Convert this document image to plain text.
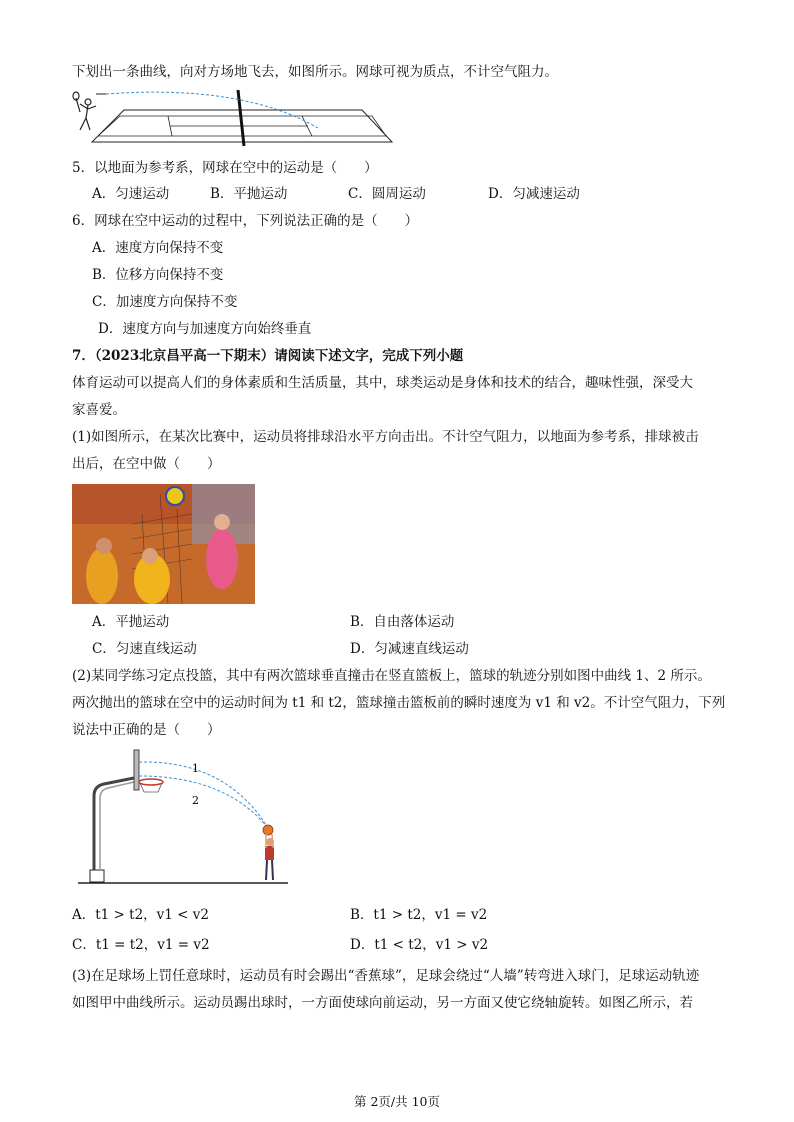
下划出一条曲线，向对方场地飞去，如图所示。网球可视为质点，不计空气阻力。
5．以地面为参考系，网球在空中的运动是（　　）
A．匀速运动	B．平抛运动	C．圆周运动	D．匀减速运动
6．网球在空中运动的过程中，下列说法正确的是（　　）
A．速度方向保持不变
B．位移方向保持不变
C．加速度方向保持不变
D．速度方向与加速度方向始终垂直
7．（2023北京昌平高一下期末）请阅读下述文字，完成下列小题
体育运动可以提高人们的身体素质和生活质量，其中，球类运动是身体和技术的结合，趣味性强，深受大
家喜爱。
(1)如图所示，在某次比赛中，运动员将排球沿水平方向击出。不计空气阻力，以地面为参考系，排球被击
出后，在空中做（　　）
A．平抛运动	B．自由落体运动
C．匀速直线运动	D．匀减速直线运动
(2)某同学练习定点投篮，其中有两次篮球垂直撞击在竖直篮板上，篮球的轨迹分别如图中曲线 1、2 所示。
两次抛出的篮球在空中的运动时间为 t1 和 t2，篮球撞击篮板前的瞬时速度为 v1 和 v2。不计空气阻力，下列
说法中正确的是（　　）
1
2
A．t1 > t2，v1 < v2	B．t1 > t2，v1 = v2
C．t1 = t2，v1 = v2	D．t1 < t2，v1 > v2
(3)在足球场上罚任意球时，运动员有时会踢出“香蕉球”，足球会绕过“人墙”转弯进入球门，足球运动轨迹
如图甲中曲线所示。运动员踢出球时，一方面使球向前运动，另一方面又使它绕轴旋转。如图乙所示，若
第 2页/共 10页
